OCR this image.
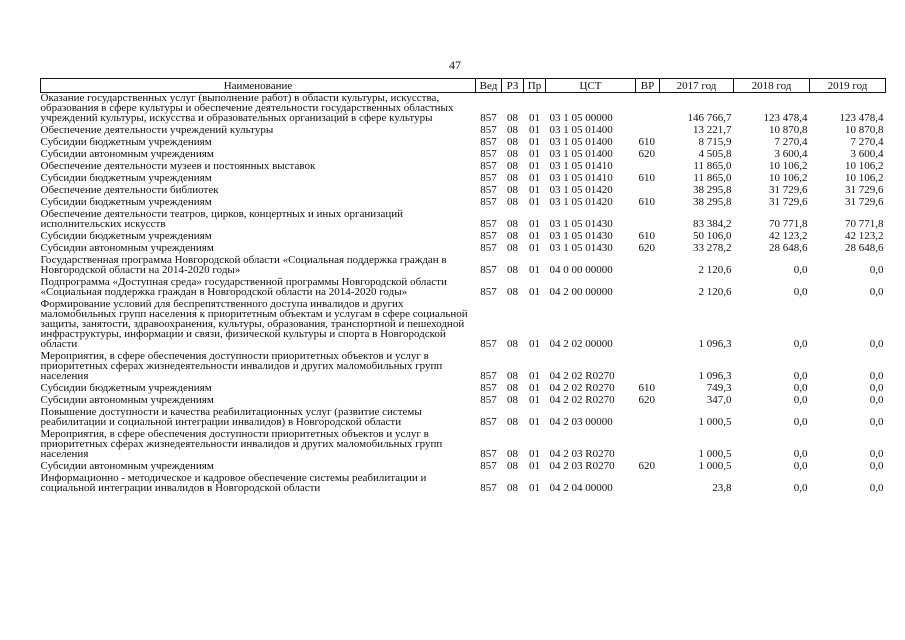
47
Наименование	Вед	РЗ	Пр	ЦСТ	ВР	2017 год	2018 год	2019 год
Оказание государственных услуг (выполнение работ) в области культуры, искусства, образования в сфере культуры и обеспечение деятельности государственных областных учреждений культуры, искусства и образовательных организаций в сфере культуры	857	08	01	03 1 05 00000		146 766,7	123 478,4	123 478,4
Обеспечение деятельности учреждений культуры	857	08	01	03 1 05 01400		13 221,7	10 870,8	10 870,8
Субсидии бюджетным учреждениям	857	08	01	03 1 05 01400	610	8 715,9	7 270,4	7 270,4
Субсидии автономным учреждениям	857	08	01	03 1 05 01400	620	4 505,8	3 600,4	3 600,4
Обеспечение деятельности музеев и постоянных выставок	857	08	01	03 1 05 01410		11 865,0	10 106,2	10 106,2
Субсидии бюджетным учреждениям	857	08	01	03 1 05 01410	610	11 865,0	10 106,2	10 106,2
Обеспечение деятельности библиотек	857	08	01	03 1 05 01420		38 295,8	31 729,6	31 729,6
Субсидии бюджетным учреждениям	857	08	01	03 1 05 01420	610	38 295,8	31 729,6	31 729,6
Обеспечение деятельности театров, цирков, концертных и иных организаций исполнительских искусств	857	08	01	03 1 05 01430		83 384,2	70 771,8	70 771,8
Субсидии бюджетным учреждениям	857	08	01	03 1 05 01430	610	50 106,0	42 123,2	42 123,2
Субсидии автономным учреждениям	857	08	01	03 1 05 01430	620	33 278,2	28 648,6	28 648,6
Государственная программа Новгородской области «Социальная поддержка граждан в Новгородской области на 2014-2020 годы»	857	08	01	04 0 00 00000		2 120,6	0,0	0,0
Подпрограмма «Доступная среда» государственной программы Новгородской области «Социальная поддержка граждан в Новгородской области на 2014-2020 годы»	857	08	01	04 2 00 00000		2 120,6	0,0	0,0
Формирование условий для беспрепятственного доступа инвалидов и других маломобильных групп населения к приоритетным объектам и услугам в сфере социальной защиты, занятости, здравоохранения, культуры, образования, транспортной и пешеходной инфраструктуры, информации и связи, физической культуры и спорта в Новгородской области	857	08	01	04 2 02 00000		1 096,3	0,0	0,0
Мероприятия, в сфере обеспечения доступности приоритетных объектов и услуг в приоритетных сферах жизнедеятельности инвалидов и других маломобильных групп населения	857	08	01	04 2 02 R0270		1 096,3	0,0	0,0
Субсидии бюджетным учреждениям	857	08	01	04 2 02 R0270	610	749,3	0,0	0,0
Субсидии автономным учреждениям	857	08	01	04 2 02 R0270	620	347,0	0,0	0,0
Повышение доступности и качества реабилитационных услуг (развитие системы реабилитации и социальной интеграции инвалидов) в Новгородской области	857	08	01	04 2 03 00000		1 000,5	0,0	0,0
Мероприятия, в сфере обеспечения доступности приоритетных объектов и услуг в приоритетных сферах жизнедеятельности инвалидов и других маломобильных групп населения	857	08	01	04 2 03 R0270		1 000,5	0,0	0,0
Субсидии автономным учреждениям	857	08	01	04 2 03 R0270	620	1 000,5	0,0	0,0
Информационно - методическое и кадровое обеспечение системы реабилитации и социальной интеграции инвалидов в Новгородской области	857	08	01	04 2 04 00000		23,8	0,0	0,0
